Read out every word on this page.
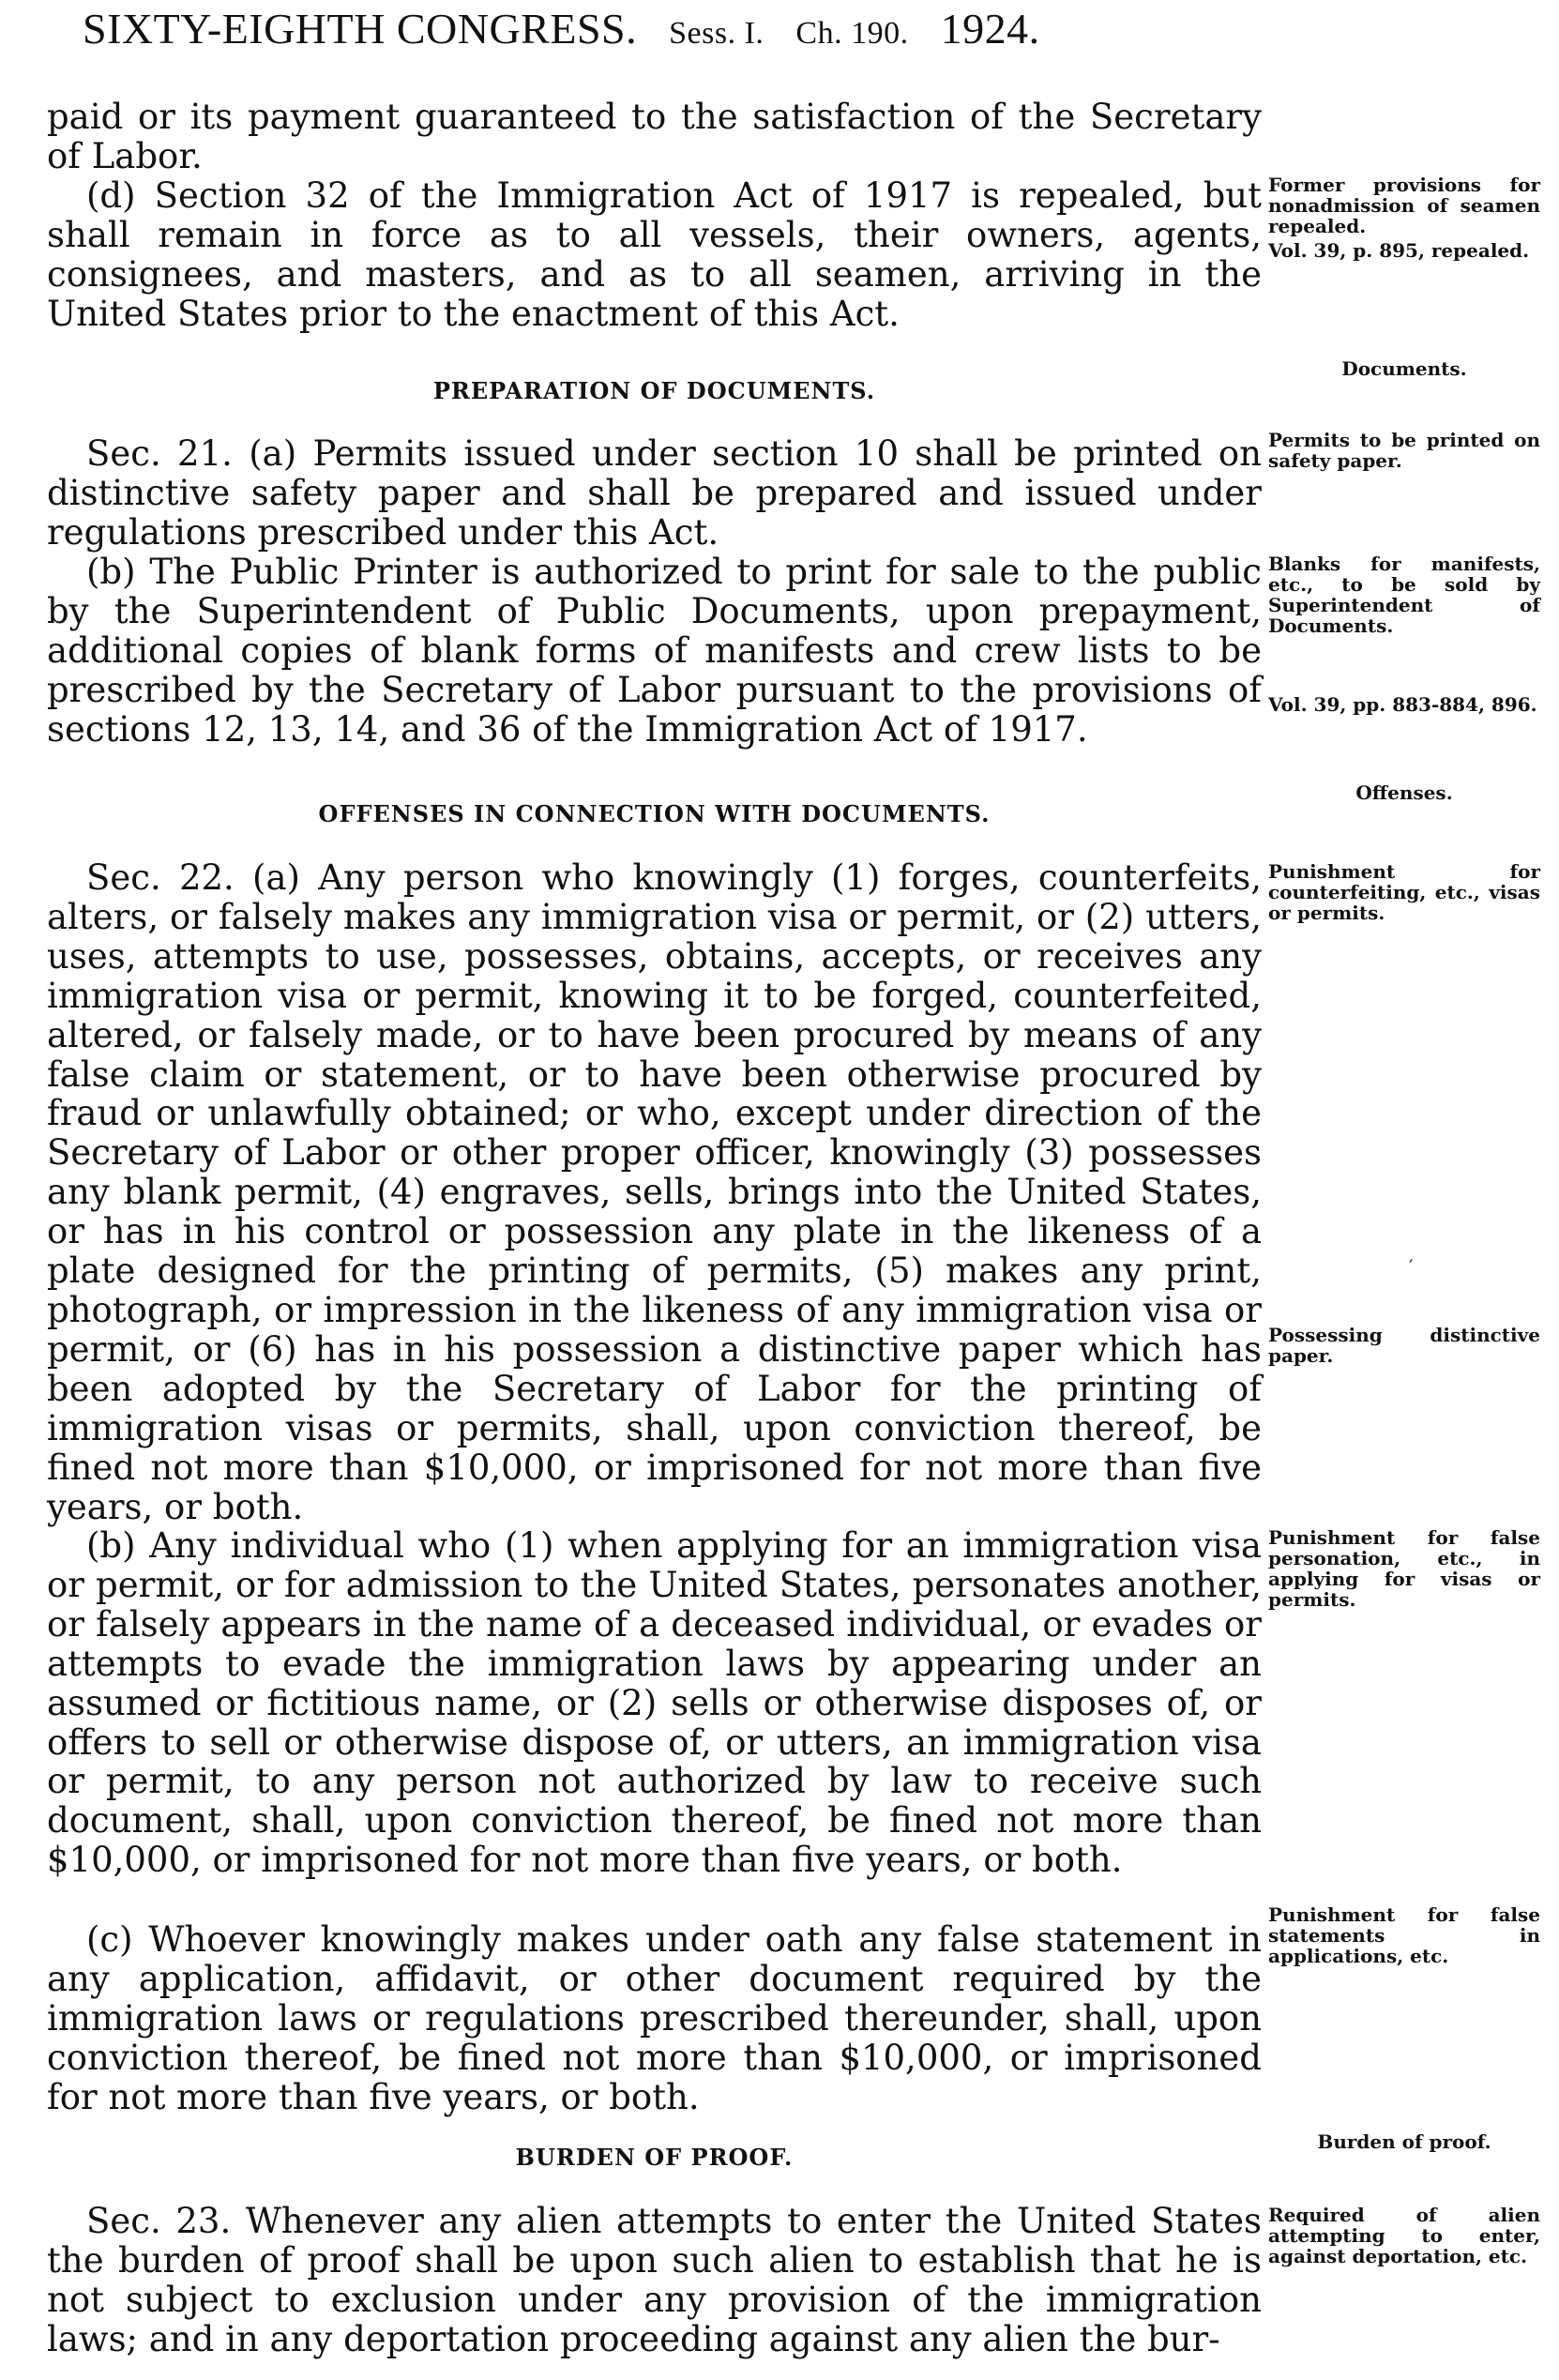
SIXTY-EIGHTH CONGRESS. Sess. I. Ch. 190. 1924.

paid or its payment guaranteed to the satisfaction of the Secretary of Labor.

(d) Section 32 of the Immigration Act of 1917 is repealed, but shall remain in force as to all vessels, their owners, agents, consignees, and masters, and as to all seamen, arriving in the United States prior to the enactment of this Act.

PREPARATION OF DOCUMENTS.

Sec. 21. (a) Permits issued under section 10 shall be printed on distinctive safety paper and shall be prepared and issued under regulations prescribed under this Act.

(b) The Public Printer is authorized to print for sale to the public by the Superintendent of Public Documents, upon prepayment, additional copies of blank forms of manifests and crew lists to be prescribed by the Secretary of Labor pursuant to the provisions of sections 12, 13, 14, and 36 of the Immigration Act of 1917.

OFFENSES IN CONNECTION WITH DOCUMENTS.

Sec. 22. (a) Any person who knowingly (1) forges, counterfeits, alters, or falsely makes any immigration visa or permit, or (2) utters, uses, attempts to use, possesses, obtains, accepts, or receives any immigration visa or permit, knowing it to be forged, counterfeited, altered, or falsely made, or to have been procured by means of any false claim or statement, or to have been otherwise procured by fraud or unlawfully obtained; or who, except under direction of the Secretary of Labor or other proper officer, knowingly (3) possesses any blank permit, (4) engraves, sells, brings into the United States, or has in his control or possession any plate in the likeness of a plate designed for the printing of permits, (5) makes any print, photograph, or impression in the likeness of any immigration visa or permit, or (6) has in his possession a distinctive paper which has been adopted by the Secretary of Labor for the printing of immigration visas or permits, shall, upon conviction thereof, be fined not more than $10,000, or imprisoned for not more than five years, or both.

(b) Any individual who (1) when applying for an immigration visa or permit, or for admission to the United States, personates another, or falsely appears in the name of a deceased individual, or evades or attempts to evade the immigration laws by appearing under an assumed or fictitious name, or (2) sells or otherwise disposes of, or offers to sell or otherwise dispose of, or utters, an immigration visa or permit, to any person not authorized by law to receive such document, shall, upon conviction thereof, be fined not more than $10,000, or imprisoned for not more than five years, or both.

(c) Whoever knowingly makes under oath any false statement in any application, affidavit, or other document required by the immigration laws or regulations prescribed thereunder, shall, upon conviction thereof, be fined not more than $10,000, or imprisoned for not more than five years, or both.

BURDEN OF PROOF.

Sec. 23. Whenever any alien attempts to enter the United States the burden of proof shall be upon such alien to establish that he is not subject to exclusion under any provision of the immigration laws; and in any deportation proceeding against any alien the bur-

Former provisions for nonadmission of seamen repealed.
Vol. 39, p. 895, repealed.
Documents.
Permits to be printed on safety paper.
Blanks for manifests, etc., to be sold by Superintendent of Documents.
Vol. 39, pp. 883-884, 896.
Offenses.
Punishment for counterfeiting, etc., visas or permits.
Possessing distinctive paper.
Punishment for false personation, etc., in applying for visas or permits.
Punishment for false statements in applications, etc.
Burden of proof.
Required of alien attempting to enter, against deportation, etc.
′
